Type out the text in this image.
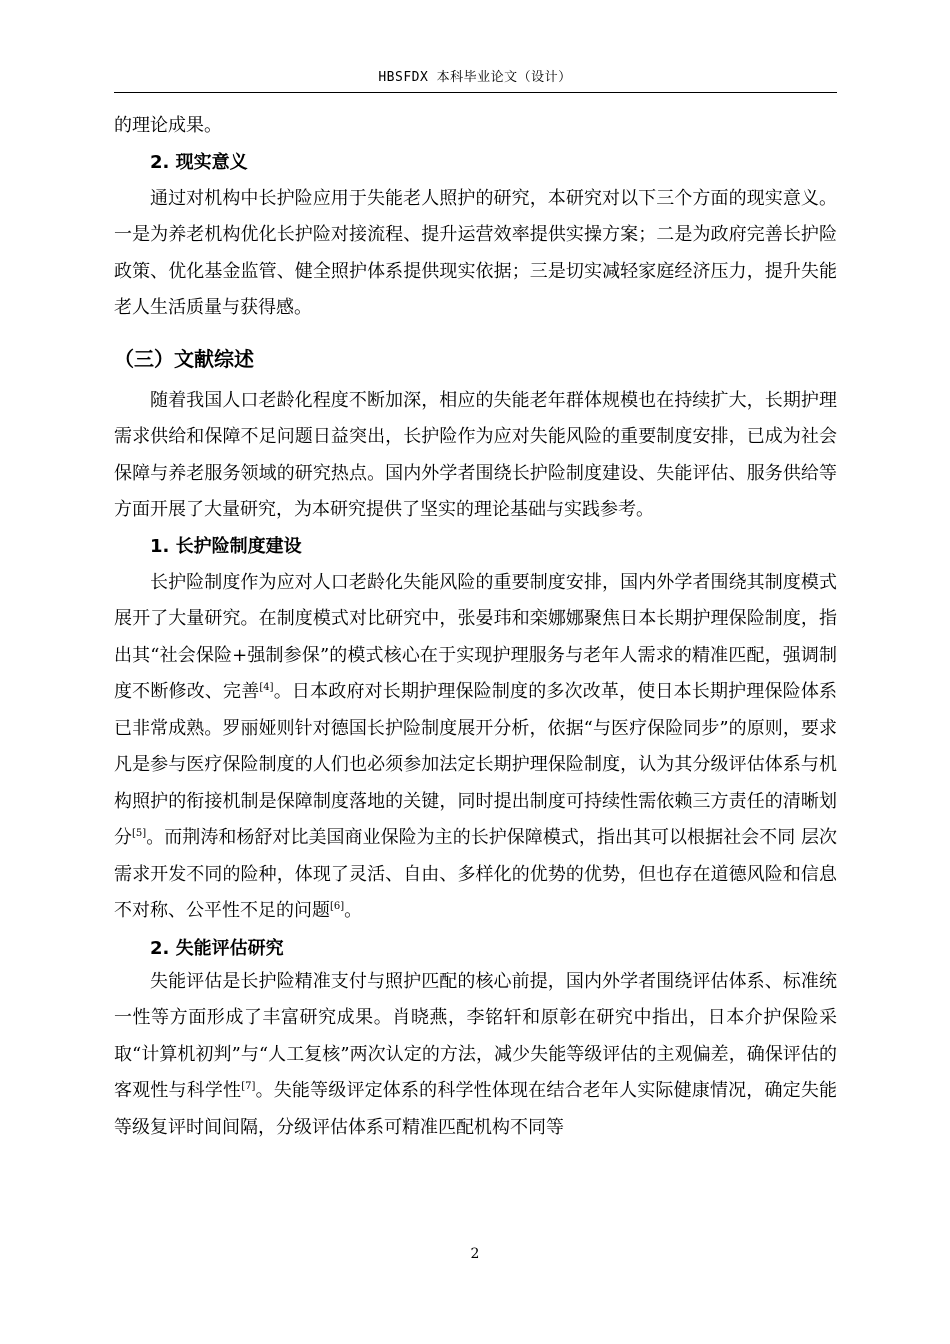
HBSFDX 本科毕业论文（设计）

的理论成果。

2. 现实意义

通过对机构中长护险应用于失能老人照护的研究，本研究对以下三个方面的现实意义。一是为养老机构优化长护险对接流程、提升运营效率提供实操方案；二是为政府完善长护险政策、优化基金监管、健全照护体系提供现实依据；三是切实减轻家庭经济压力，提升失能老人生活质量与获得感。

（三）文献综述

随着我国人口老龄化程度不断加深，相应的失能老年群体规模也在持续扩大，长期护理需求供给和保障不足问题日益突出，长护险作为应对失能风险的重要制度安排，已成为社会保障与养老服务领域的研究热点。国内外学者围绕长护险制度建设、失能评估、服务供给等方面开展了大量研究，为本研究提供了坚实的理论基础与实践参考。

1. 长护险制度建设

长护险制度作为应对人口老龄化失能风险的重要制度安排，国内外学者围绕其制度模式展开了大量研究。在制度模式对比研究中，张晏玮和栾娜娜聚焦日本长期护理保险制度，指出其“社会保险+强制参保”的模式核心在于实现护理服务与老年人需求的精准匹配，强调制度不断修改、完善[4]。日本政府对长期护理保险制度的多次改革，使日本长期护理保险体系已非常成熟。罗丽娅则针对德国长护险制度展开分析，依据“与医疗保险同步”的原则，要求凡是参与医疗保险制度的人们也必须参加法定长期护理保险制度，认为其分级评估体系与机构照护的衔接机制是保障制度落地的关键，同时提出制度可持续性需依赖三方责任的清晰划分[5]。而荆涛和杨舒对比美国商业保险为主的长护保障模式，指出其可以根据社会不同 层次需求开发不同的险种，体现了灵活、自由、多样化的优势的优势，但也存在道德风险和信息不对称、公平性不足的问题[6]。

2. 失能评估研究

失能评估是长护险精准支付与照护匹配的核心前提，国内外学者围绕评估体系、标准统一性等方面形成了丰富研究成果。肖晓燕，李铭轩和原彰在研究中指出，日本介护保险采取“计算机初判”与“人工复核”两次认定的方法，减少失能等级评估的主观偏差，确保评估的客观性与科学性[7]。失能等级评定体系的科学性体现在结合老年人实际健康情况，确定失能等级复评时间间隔，分级评估体系可精准匹配机构不同等

2
